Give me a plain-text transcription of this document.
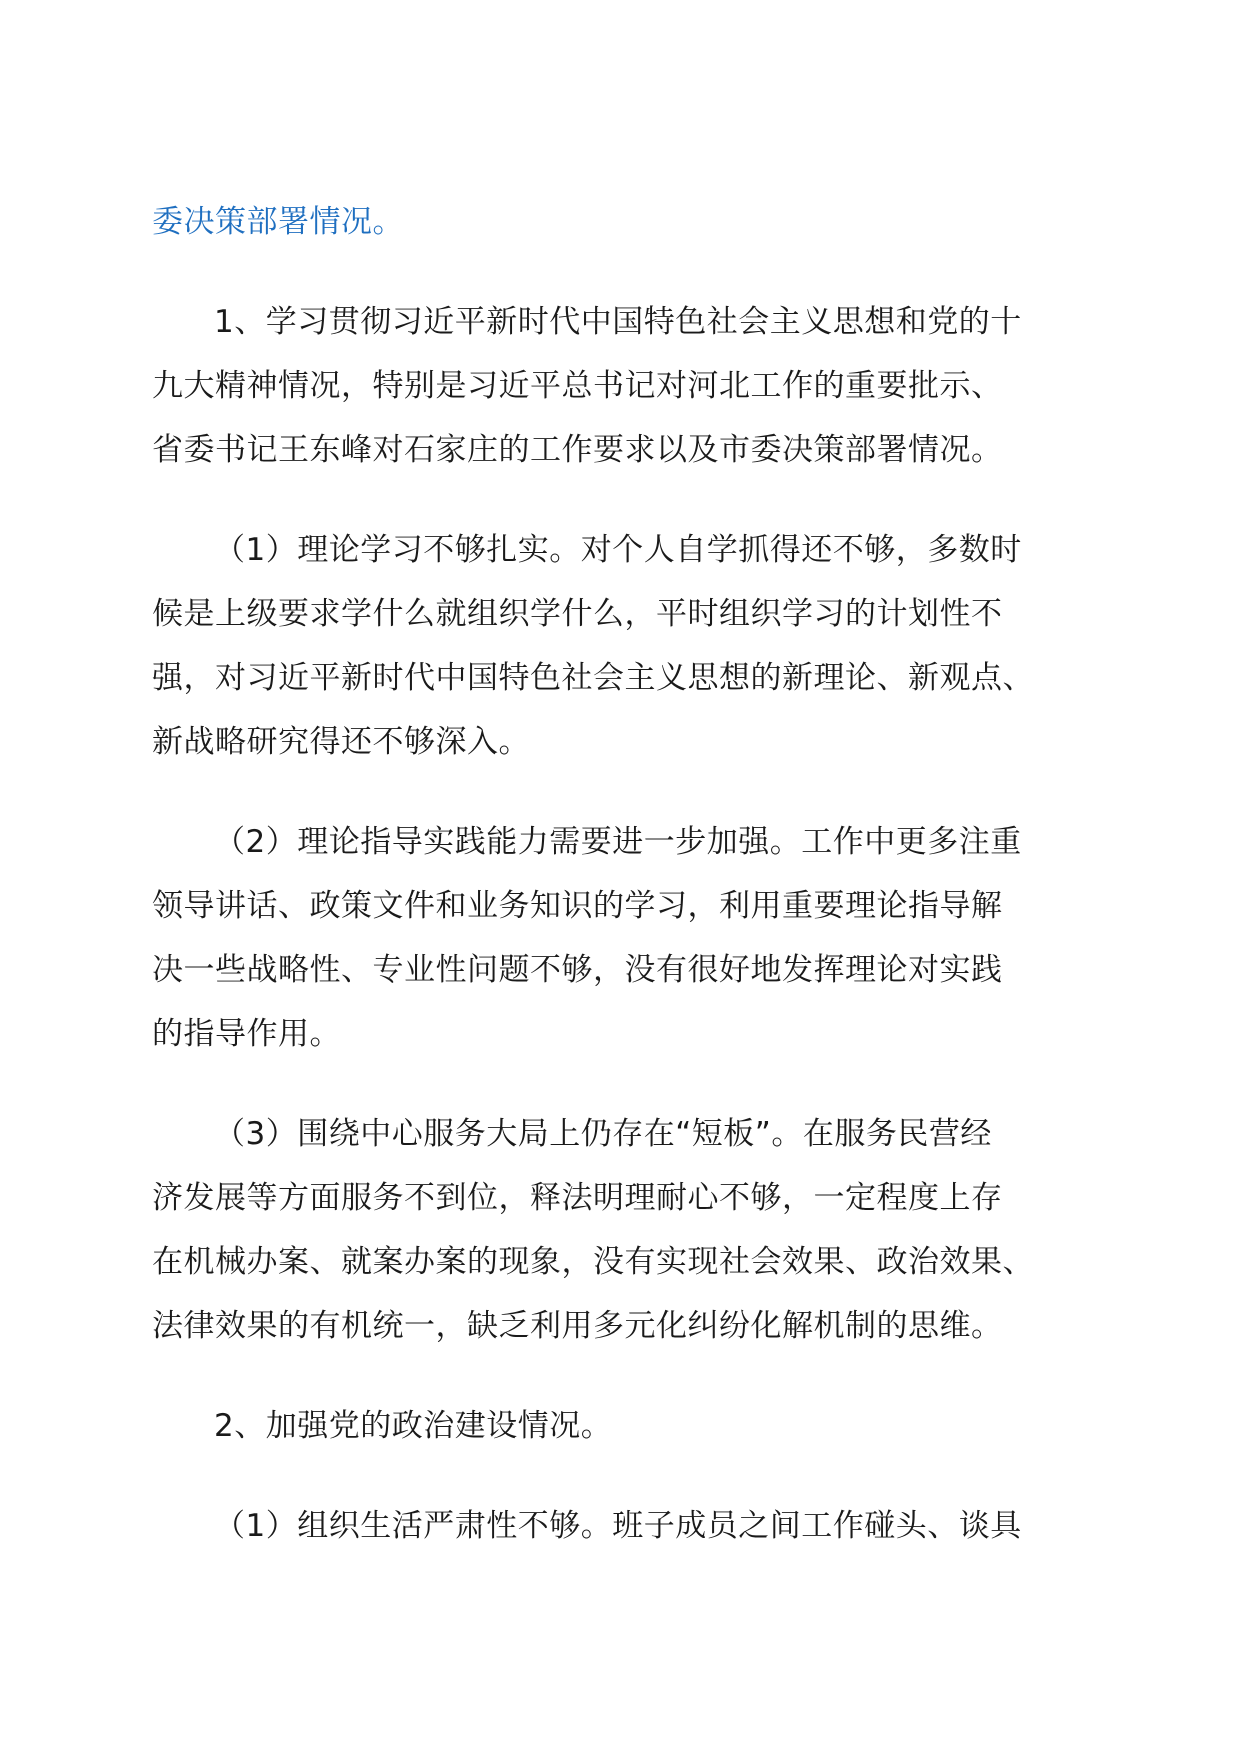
委决策部署情况。
1、学习贯彻习近平新时代中国特色社会主义思想和党的十
九大精神情况，特别是习近平总书记对河北工作的重要批示、
省委书记王东峰对石家庄的工作要求以及市委决策部署情况。
（1）理论学习不够扎实。对个人自学抓得还不够，多数时
候是上级要求学什么就组织学什么，平时组织学习的计划性不
强，对习近平新时代中国特色社会主义思想的新理论、新观点、
新战略研究得还不够深入。
（2）理论指导实践能力需要进一步加强。工作中更多注重
领导讲话、政策文件和业务知识的学习，利用重要理论指导解
决一些战略性、专业性问题不够，没有很好地发挥理论对实践
的指导作用。
（3）围绕中心服务大局上仍存在“短板”。在服务民营经
济发展等方面服务不到位，释法明理耐心不够，一定程度上存
在机械办案、就案办案的现象，没有实现社会效果、政治效果、
法律效果的有机统一，缺乏利用多元化纠纷化解机制的思维。
2、加强党的政治建设情况。
（1）组织生活严肃性不够。班子成员之间工作碰头、谈具
